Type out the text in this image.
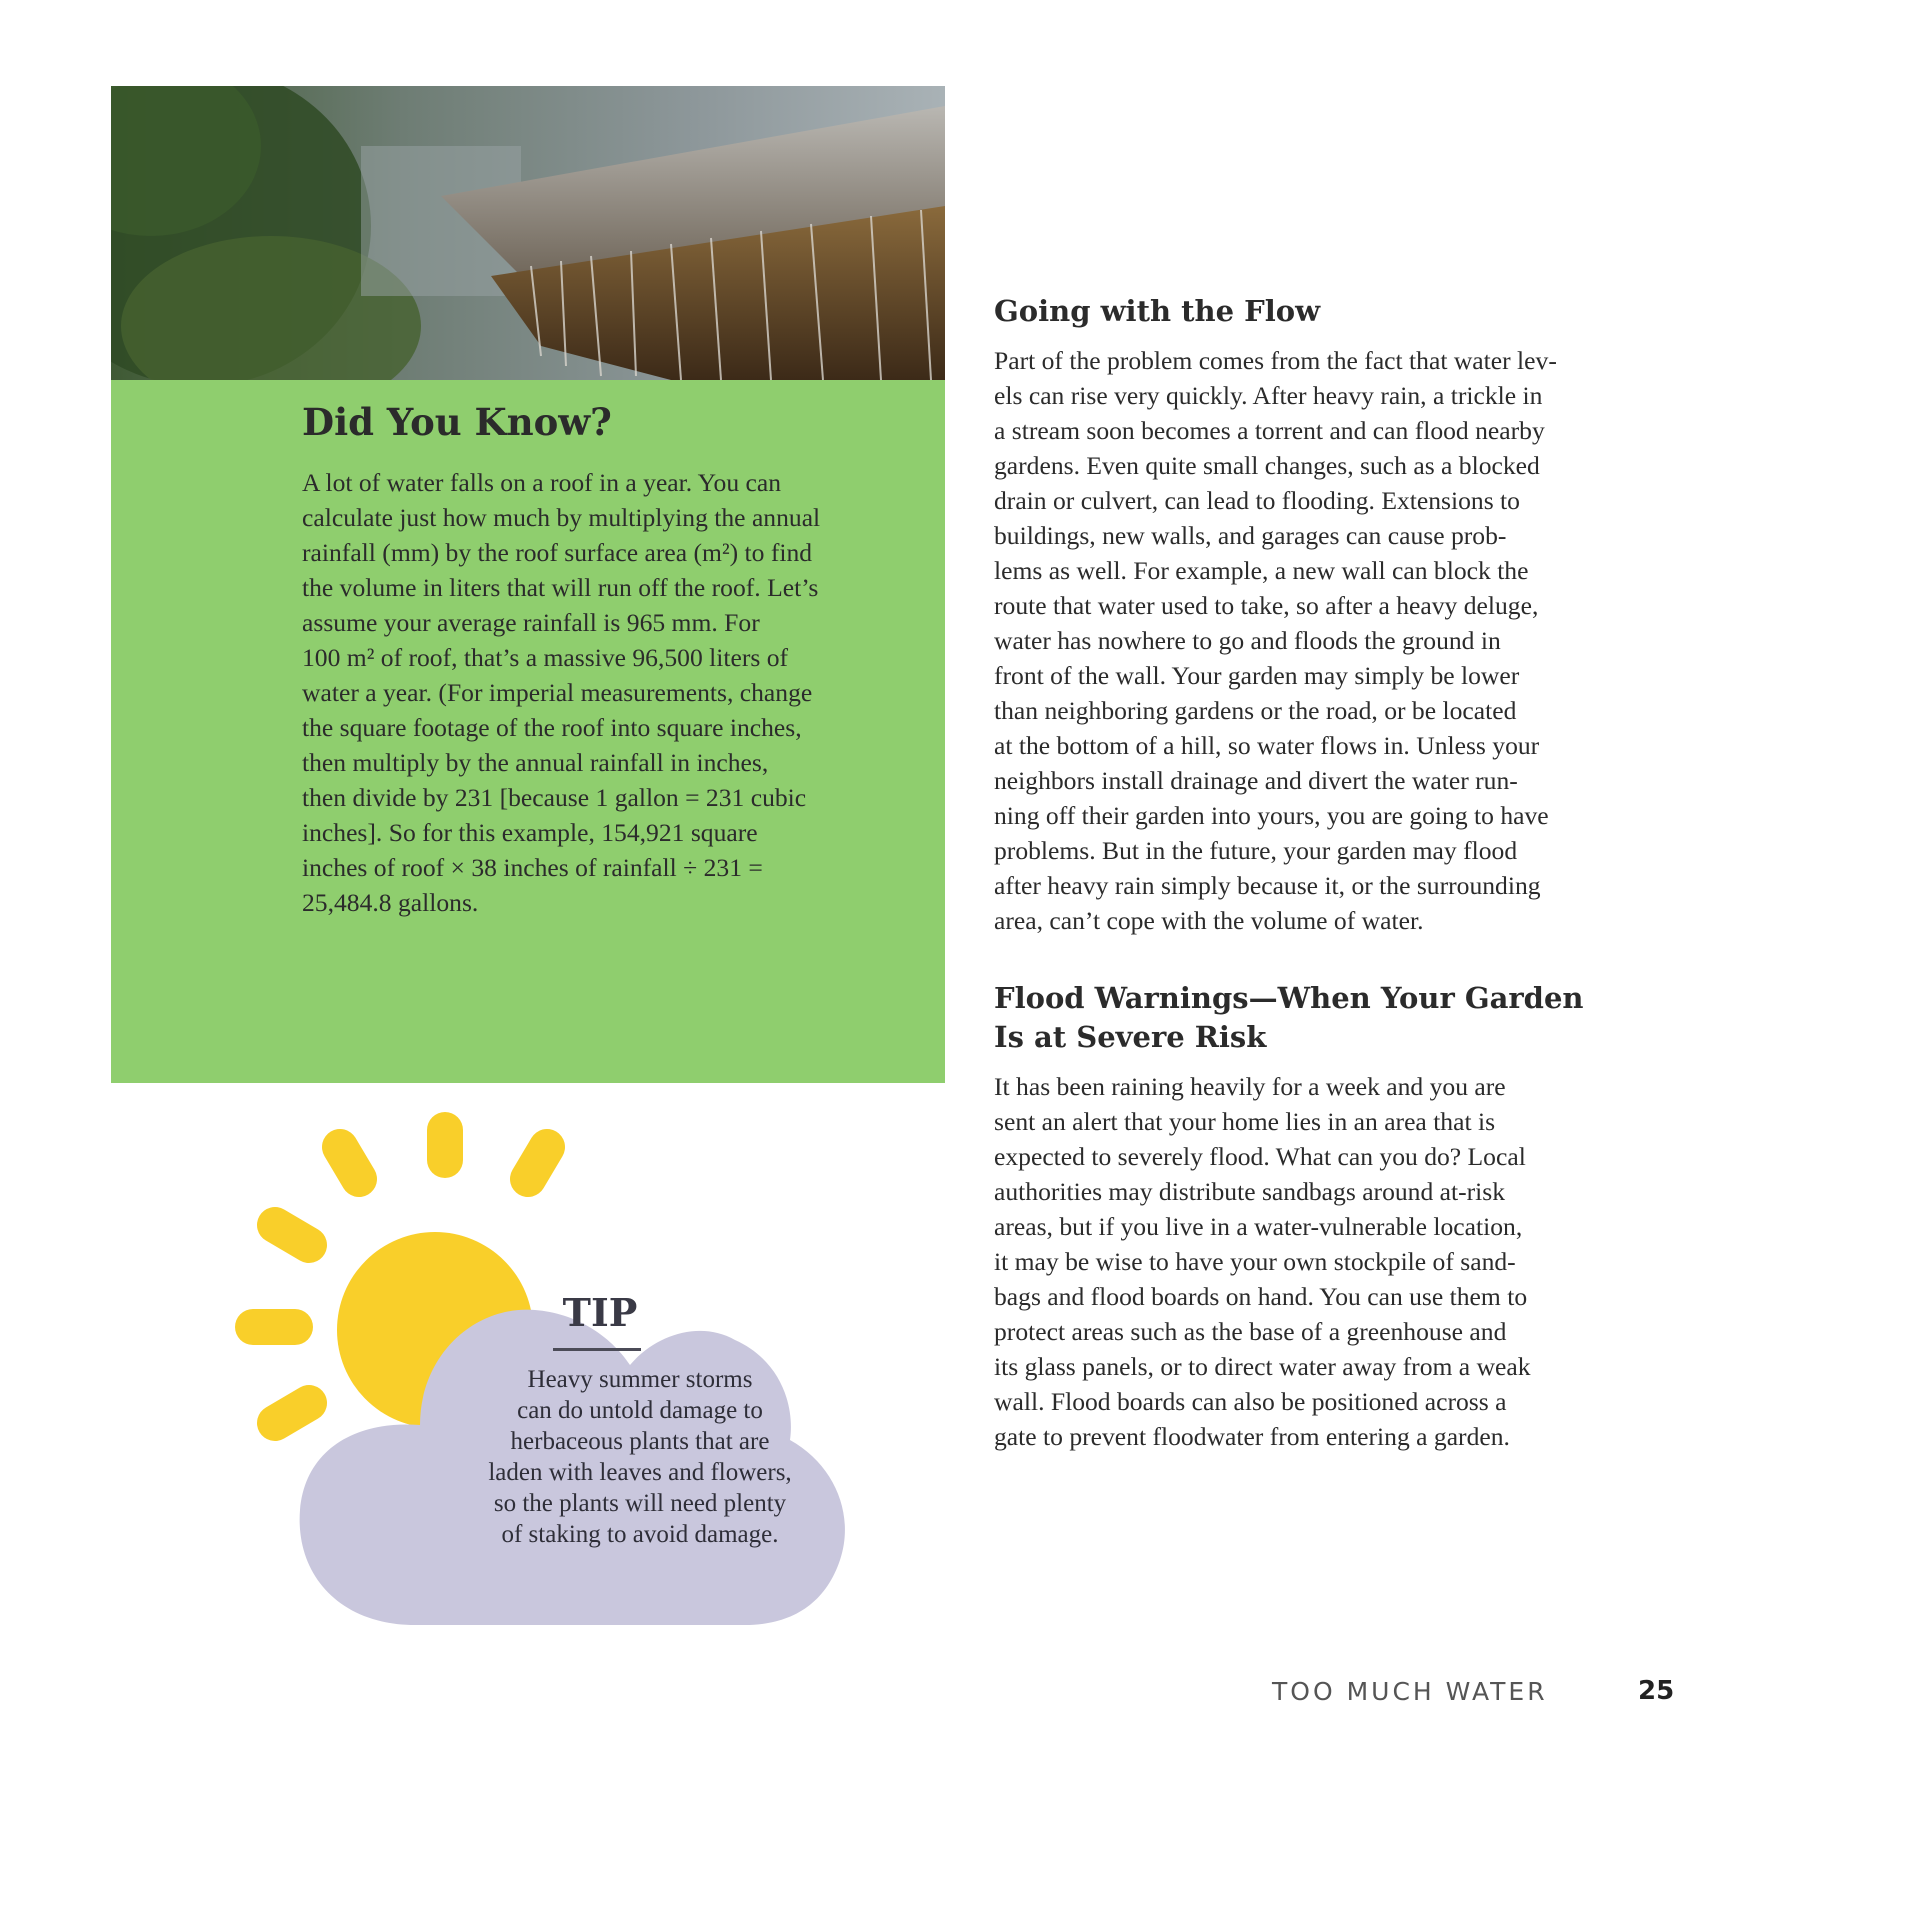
Did You Know?

A lot of water falls on a roof in a year. You can

calculate just how much by multiplying the annual

rainfall (mm) by the roof surface area (m²) to find

the volume in liters that will run off the roof. Let’s

assume your average rainfall is 965 mm. For

100 m² of roof, that’s a massive 96,500 liters of

water a year. (For imperial measurements, change

the square footage of the roof into square inches,

then multiply by the annual rainfall in inches,

then divide by 231 [because 1 gallon = 231 cubic

inches]. So for this example, 154,921 square

inches of roof × 38 inches of rainfall ÷ 231 =

25,484.8 gallons.

TIP

Heavy summer storms

can do untold damage to

herbaceous plants that are

laden with leaves and flowers,

so the plants will need plenty

of staking to avoid damage.

Going with the Flow

Part of the problem comes from the fact that water lev-

els can rise very quickly. After heavy rain, a trickle in

a stream soon becomes a torrent and can flood nearby

gardens. Even quite small changes, such as a blocked

drain or culvert, can lead to flooding. Extensions to

buildings, new walls, and garages can cause prob-

lems as well. For example, a new wall can block the

route that water used to take, so after a heavy deluge,

water has nowhere to go and floods the ground in

front of the wall. Your garden may simply be lower

than neighboring gardens or the road, or be located

at the bottom of a hill, so water flows in. Unless your

neighbors install drainage and divert the water run-

ning off their garden into yours, you are going to have

problems. But in the future, your garden may flood

after heavy rain simply because it, or the surrounding

area, can’t cope with the volume of water.

Flood Warnings—When Your Garden
Is at Severe Risk

It has been raining heavily for a week and you are

sent an alert that your home lies in an area that is

expected to severely flood. What can you do? Local

authorities may distribute sandbags around at-risk

areas, but if you live in a water-vulnerable location,

it may be wise to have your own stockpile of sand-

bags and flood boards on hand. You can use them to

protect areas such as the base of a greenhouse and

its glass panels, or to direct water away from a weak

wall. Flood boards can also be positioned across a

gate to prevent floodwater from entering a garden.

TOO MUCH WATER	25
